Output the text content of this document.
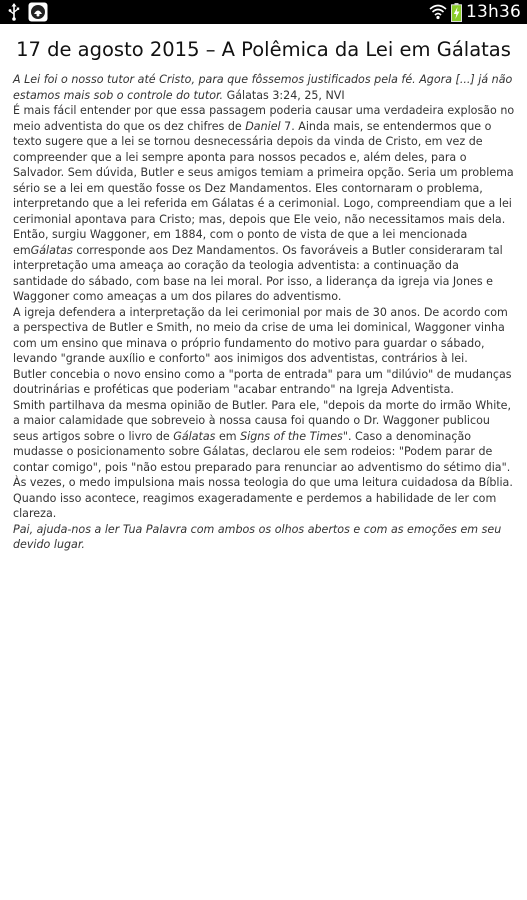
13h36
17 de agosto 2015 – A Polêmica da Lei em Gálatas

A Lei foi o nosso tutor até Cristo, para que fôssemos justificados pela fé. Agora [...] já não estamos mais sob o controle do tutor. Gálatas 3:24, 25, NVI

É mais fácil entender por que essa passagem poderia causar uma verdadeira explosão no meio adventista do que os dez chifres de Daniel 7. Ainda mais, se entendermos que o texto sugere que a lei se tornou desnecessária depois da vinda de Cristo, em vez de compreender que a lei sempre aponta para nossos pecados e, além deles, para o Salvador. Sem dúvida, Butler e seus amigos temiam a primeira opção. Seria um problema sério se a lei em questão fosse os Dez Mandamentos. Eles contornaram o problema, interpretando que a lei referida em Gálatas é a cerimonial. Logo, compreendiam que a lei cerimonial apontava para Cristo; mas, depois que Ele veio, não necessitamos mais dela.

Então, surgiu Waggoner, em 1884, com o ponto de vista de que a lei mencionada emGálatas corresponde aos Dez Mandamentos. Os favoráveis a Butler consideraram tal interpretação uma ameaça ao coração da teologia adventista: a continuação da santidade do sábado, com base na lei moral. Por isso, a liderança da igreja via Jones e Waggoner como ameaças a um dos pilares do adventismo.

A igreja defendera a interpretação da lei cerimonial por mais de 30 anos. De acordo com a perspectiva de Butler e Smith, no meio da crise de uma lei dominical, Waggoner vinha com um ensino que minava o próprio fundamento do motivo para guardar o sábado, levando "grande auxílio e conforto" aos inimigos dos adventistas, contrários à lei.

Butler concebia o novo ensino como a "porta de entrada" para um "dilúvio" de mudanças doutrinárias e proféticas que poderiam "acabar entrando" na Igreja Adventista.

Smith partilhava da mesma opinião de Butler. Para ele, "depois da morte do irmão White, a maior calamidade que sobreveio à nossa causa foi quando o Dr. Waggoner publicou seus artigos sobre o livro de Gálatas em Signs of the Times". Caso a denominação mudasse o posicionamento sobre Gálatas, declarou ele sem rodeios: "Podem parar de contar comigo", pois "não estou preparado para renunciar ao adventismo do sétimo dia".

Às vezes, o medo impulsiona mais nossa teologia do que uma leitura cuidadosa da Bíblia. Quando isso acontece, reagimos exageradamente e perdemos a habilidade de ler com clareza.

Pai, ajuda-nos a ler Tua Palavra com ambos os olhos abertos e com as emoções em seu devido lugar.
